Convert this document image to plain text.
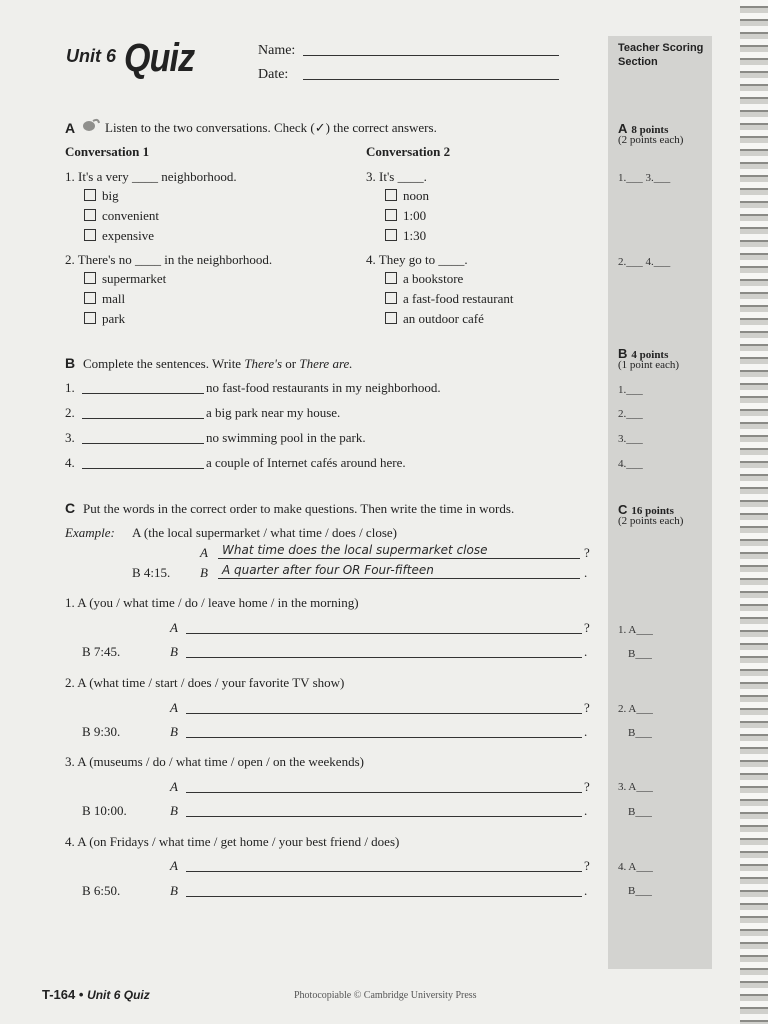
Unit 6 Quiz	Name:
Date:
Teacher Scoring
Section
A Listen to the two conversations. Check (✓) the correct answers.
Conversation 1	Conversation 2
1. It's a very ____ neighborhood.
big
convenient
expensive
2. There's no ____ in the neighborhood.
supermarket
mall
park
3. It's ____.
noon
1:00
1:30
4. They go to ____.
a bookstore
a fast-food restaurant
an outdoor café
A 8 points
(2 points each)
1.___ 3.___
2.___ 4.___
B Complete the sentences. Write There's or There are.
1.	no fast-food restaurants in my neighborhood.
2.	a big park near my house.
3.	no swimming pool in the park.
4.	a couple of Internet cafés around here.
B 4 points
(1 point each)
1.___
2.___
3.___
4.___
C Put the words in the correct order to make questions. Then write the time in words.
Example: A (the local supermarket / what time / does / close)
A What time does the local supermarket close	?
B 4:15. B A quarter after four OR Four-fifteen	.
1. A (you / what time / do / leave home / in the morning)
A	?
B 7:45.	B	.
2. A (what time / start / does / your favorite TV show)
A	?
B 9:30.	B	.
3. A (museums / do / what time / open / on the weekends)
A	?
B 10:00.	B	.
4. A (on Fridays / what time / get home / your best friend / does)
A	?
B 6:50.	B	.
C 16 points
(2 points each)
1. A___
B___
2. A___
B___
3. A___
B___
4. A___
B___
T-164 • Unit 6 Quiz	Photocopiable © Cambridge University Press
